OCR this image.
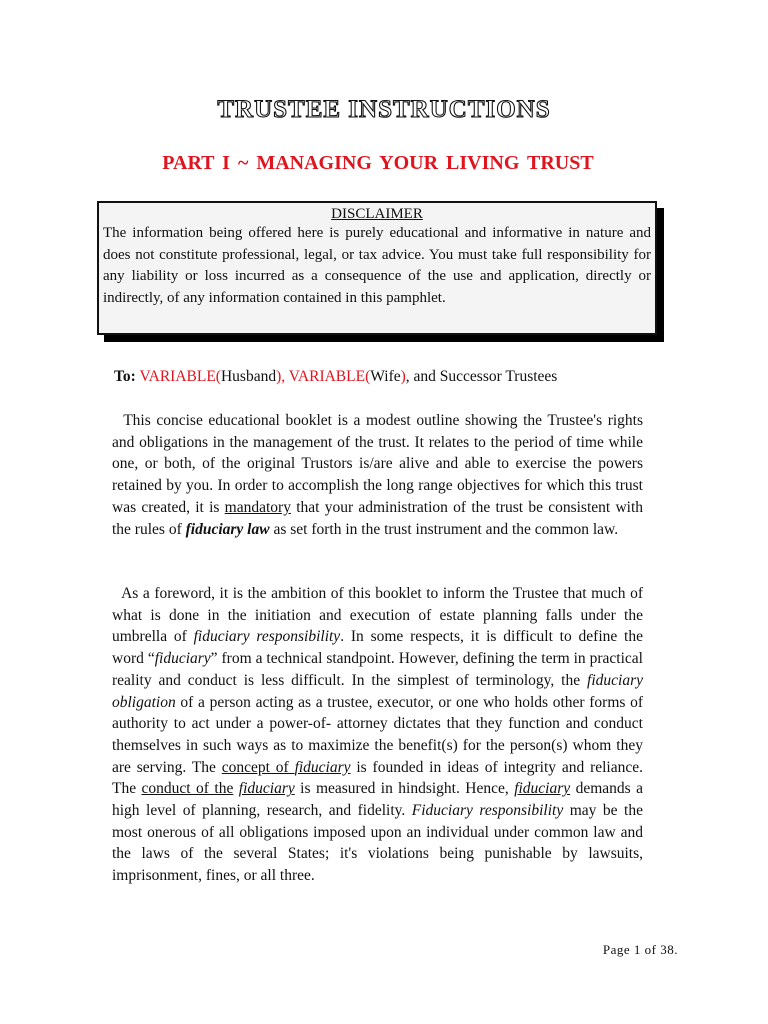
TRUSTEE INSTRUCTIONS
PART I ~ MANAGING YOUR LIVING TRUST
DISCLAIMER
The information being offered here is purely educational and informative in nature and does not constitute professional, legal, or tax advice. You must take full responsibility for any liability or loss incurred as a consequence of the use and application, directly or indirectly, of any information contained in this pamphlet.
To: VARIABLE(Husband), VARIABLE(Wife), and Successor Trustees
This concise educational booklet is a modest outline showing the Trustee's rights and obligations in the management of the trust. It relates to the period of time while one, or both, of the original Trustors is/are alive and able to exercise the powers retained by you. In order to accomplish the long range objectives for which this trust was created, it is mandatory that your administration of the trust be consistent with the rules of fiduciary law as set forth in the trust instrument and the common law.
As a foreword, it is the ambition of this booklet to inform the Trustee that much of what is done in the initiation and execution of estate planning falls under the umbrella of fiduciary responsibility. In some respects, it is difficult to define the word “fiduciary” from a technical standpoint. However, defining the term in practical reality and conduct is less difficult. In the simplest of terminology, the fiduciary obligation of a person acting as a trustee, executor, or one who holds other forms of authority to act under a power-of- attorney dictates that they function and conduct themselves in such ways as to maximize the benefit(s) for the person(s) whom they are serving. The concept of fiduciary is founded in ideas of integrity and reliance. The conduct of the fiduciary is measured in hindsight. Hence, fiduciary demands a high level of planning, research, and fidelity. Fiduciary responsibility may be the most onerous of all obligations imposed upon an individual under common law and the laws of the several States; it's violations being punishable by lawsuits, imprisonment, fines, or all three.
Page 1 of 38.
